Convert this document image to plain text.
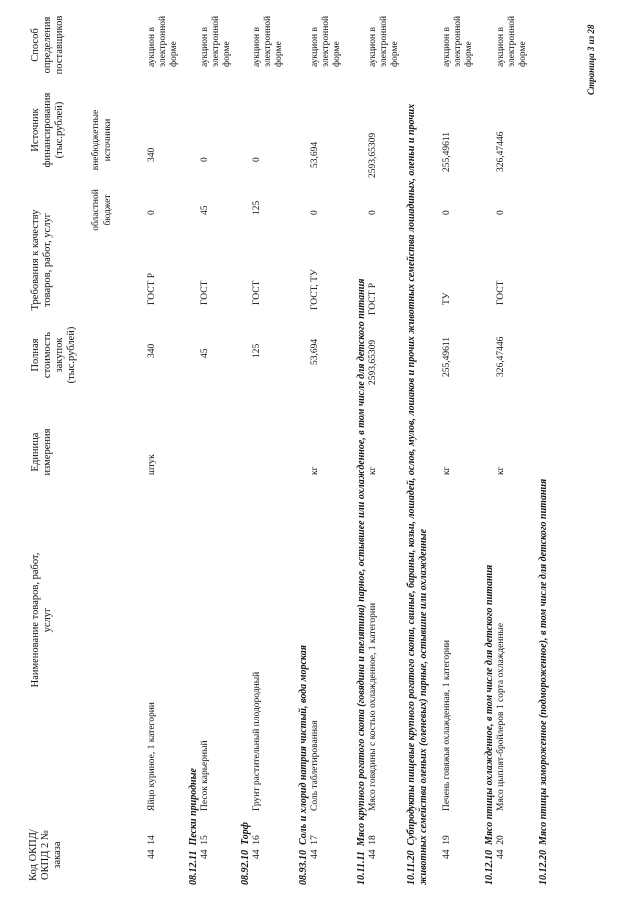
Код ОКПД/ ОКПД 2 № заказа
Наименование товаров, работ, услуг
Единица измерения
Полная стоимость закупок (тыс.рублей)
Требования к качеству товаров, работ, услуг
Источник финансирования (тыс.рублей)
областной бюджет
внебюджетные источники
Способ определения поставщиков
44  14
Яйцо куриное, 1 категории
штук
340
ГОСТ Р
0
340
аукцион в электронной форме
08.12.11  Пески природные
44  15
Песок карьерный
45
ГОСТ
45
0
аукцион в электронной форме
08.92.10  Торф
44  16
Грунт растительный плодородный
125
ГОСТ
125
0
аукцион в электронной форме
08.93.10  Соль и хлорид натрия чистый, вода морская
44  17
Соль таблетированная
кг
53,694
ГОСТ, ТУ
0
53,694
аукцион в электронной форме
10.11.11  Мясо крупного рогатого скота (говядина и телятина) парное, остывшее или охлажденное, в том числе для детского питания
44  18
Мясо говядины с костью охлажденное, 1 категории
кг
2593,65309
ГОСТ Р
0
2593,65309
аукцион в электронной форме
10.11.20  Субпродукты пищевые крупного рогатого скота, свиные, бараньи, козьи, лошадей, ослов, мулов, лошаков и прочих животных семейства лошадиных, оленьи и прочих животных семейства оленьих (оленевых) парные, остывшие или охлажденные 44  19
Печень говяжья охлажденная, 1 категории
кг
255,49611
ТУ
0
255,49611
аукцион в электронной форме
10.12.10  Мясо птицы охлажденное, в том числе для детского питания
44  20
Мясо цыплят-бройлеров 1 сорта охлажденные
кг
326,47446
ГОСТ
0
326,47446
аукцион в электронной форме
10.12.20  Мясо птицы замороженное (подмороженное), в том числе для детского питания
Страница 3 из 28
